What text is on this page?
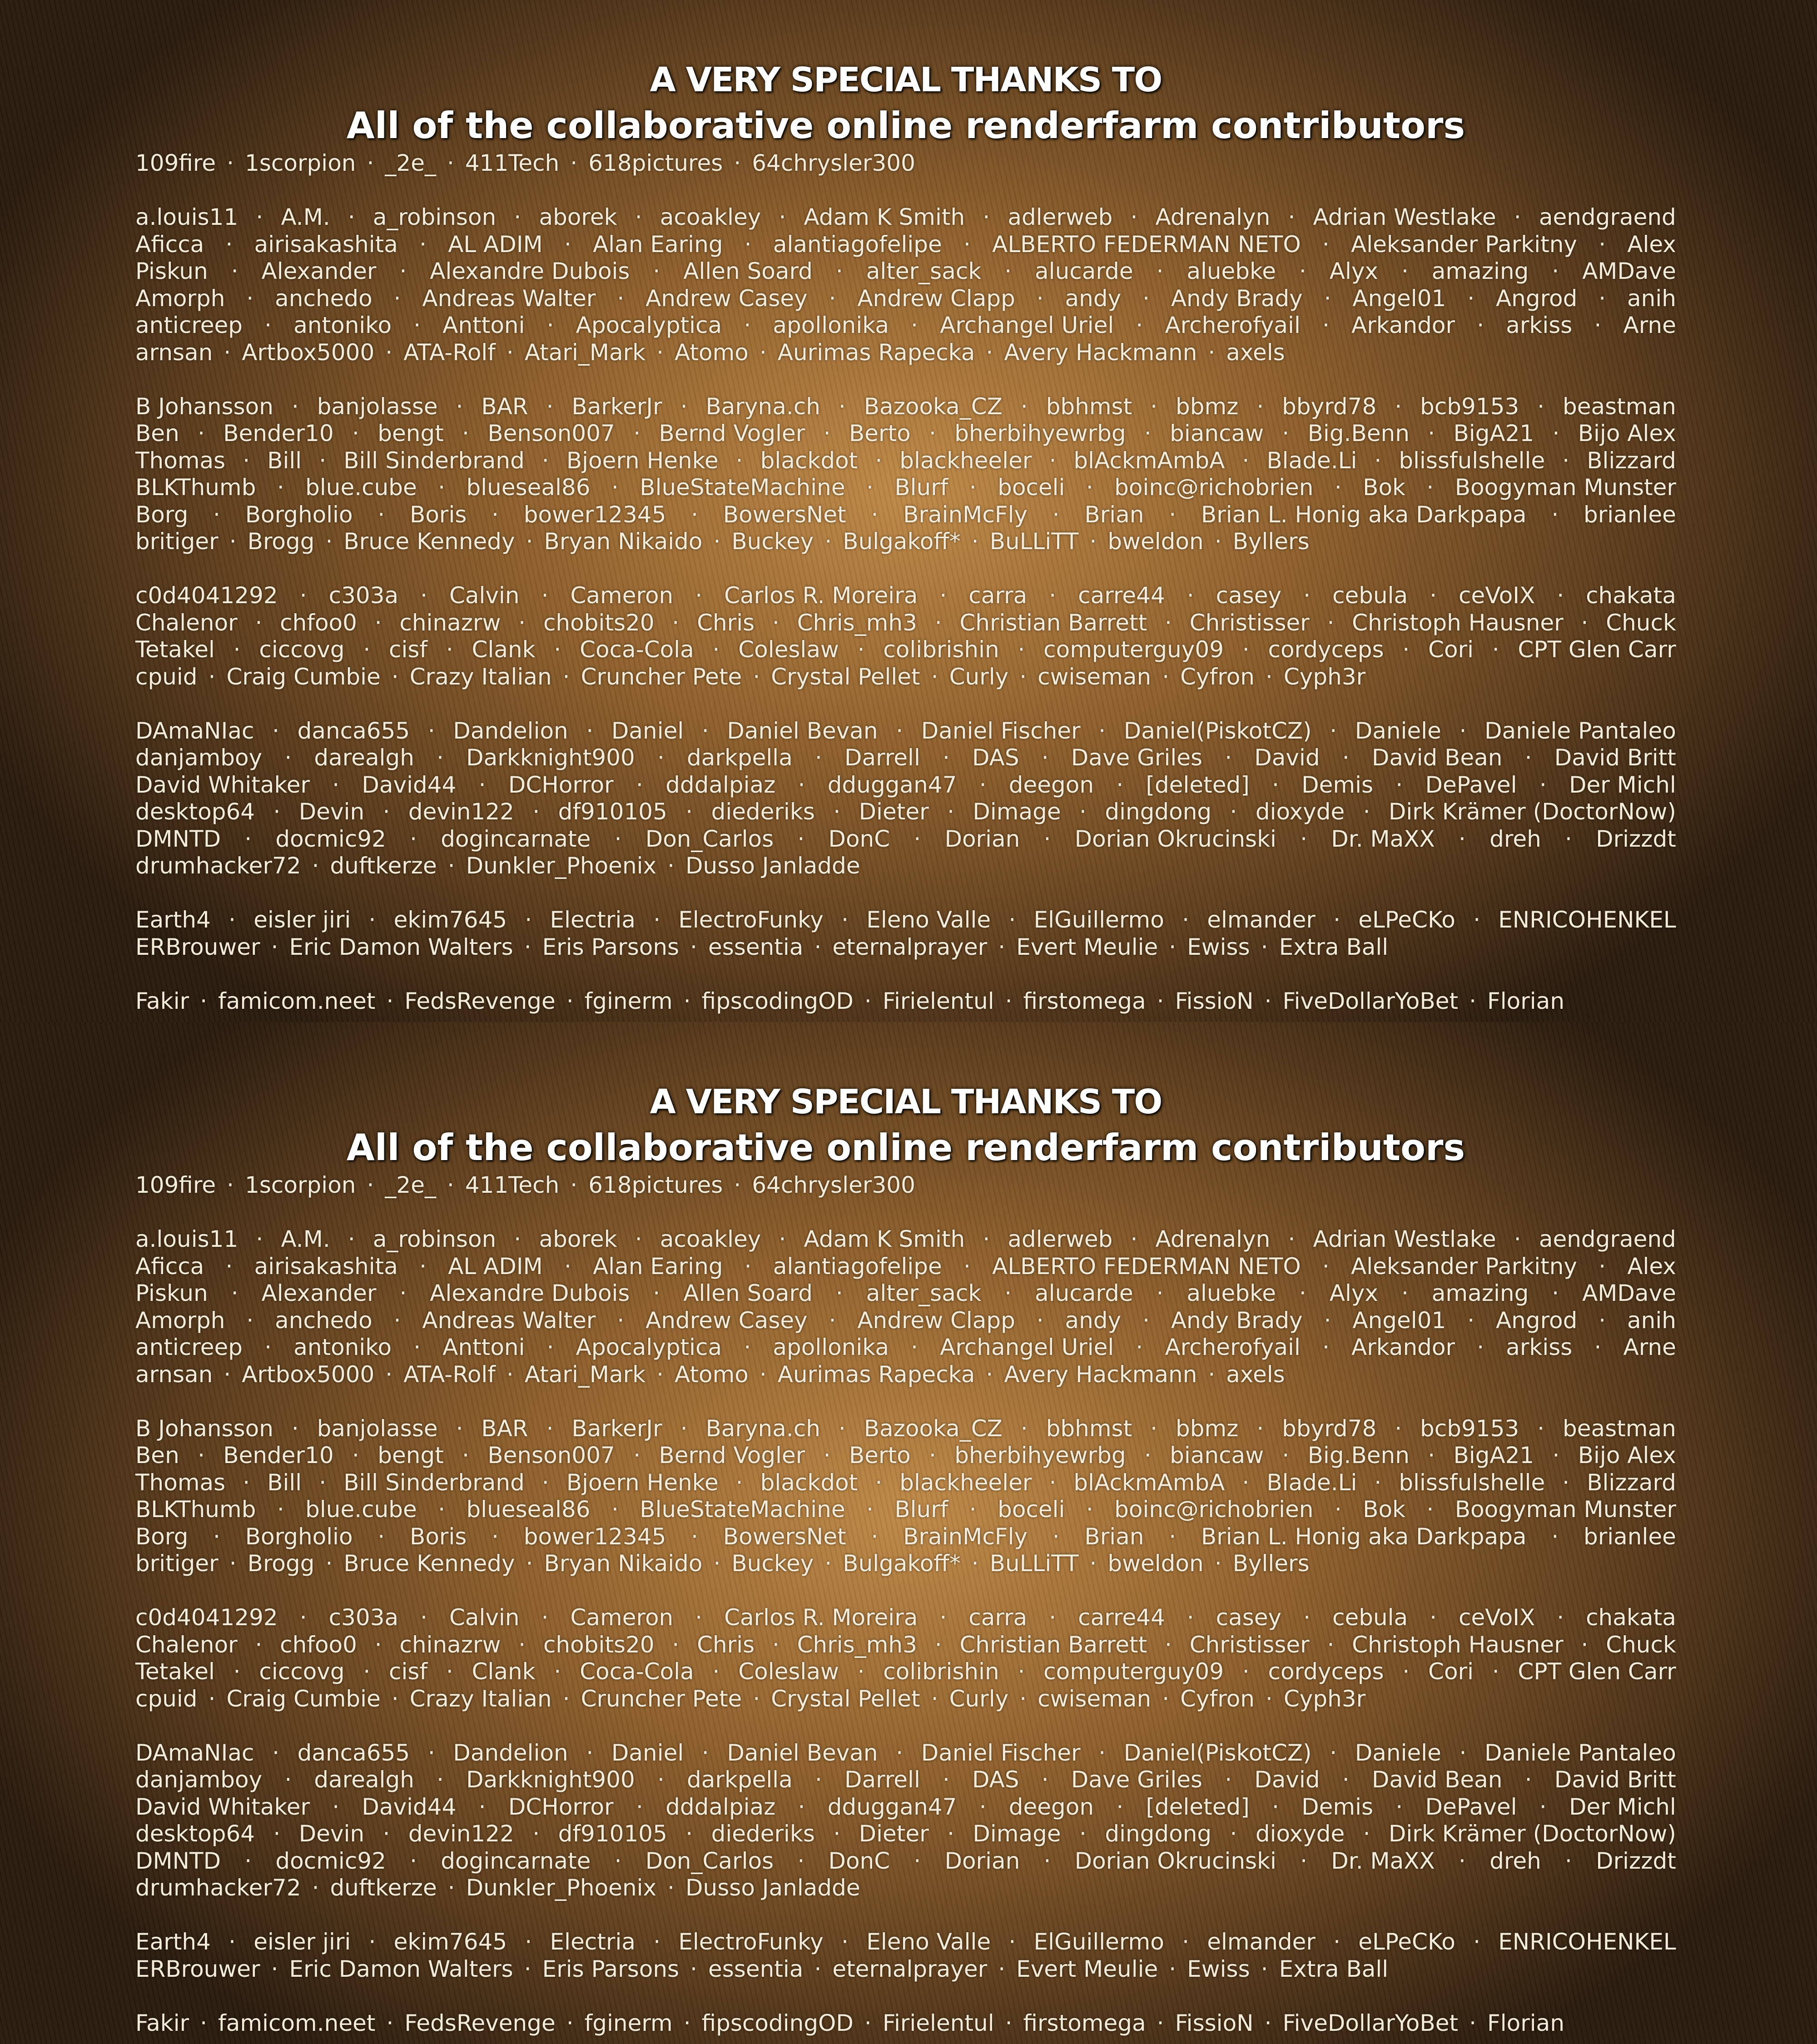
A VERY SPECIAL THANKS TO
All of the collaborative online renderfarm contributors
109fire · 1scorpion · _2e_ · 411Tech · 618pictures · 64chrysler300
a.louis11 · A.M. · a_robinson · aborek · acoakley · Adam K Smith · adlerweb · Adrenalyn · Adrian Westlake · aendgraend
Aficca · airisakashita · AL ADIM · Alan Earing · alantiagofelipe · ALBERTO FEDERMAN NETO · Aleksander Parkitny · Alex
Piskun · Alexander · Alexandre Dubois · Allen Soard · alter_sack · alucarde · aluebke · Alyx · amazing · AMDave
Amorph · anchedo · Andreas Walter · Andrew Casey · Andrew Clapp · andy · Andy Brady · Angel01 · Angrod · anih
anticreep · antoniko · Anttoni · Apocalyptica · apollonika · Archangel Uriel · Archerofyail · Arkandor · arkiss · Arne
arnsan · Artbox5000 · ATA-Rolf · Atari_Mark · Atomo · Aurimas Rapecka · Avery Hackmann · axels
B Johansson · banjolasse · BAR · BarkerJr · Baryna.ch · Bazooka_CZ · bbhmst · bbmz · bbyrd78 · bcb9153 · beastman
Ben · Bender10 · bengt · Benson007 · Bernd Vogler · Berto · bherbihyewrbg · biancaw · Big.Benn · BigA21 · Bijo Alex
Thomas · Bill · Bill Sinderbrand · Bjoern Henke · blackdot · blackheeler · blAckmAmbA · Blade.Li · blissfulshelle · Blizzard
BLKThumb · blue.cube · blueseal86 · BlueStateMachine · Blurf · boceli · boinc@richobrien · Bok · Boogyman Munster
Borg · Borgholio · Boris · bower12345 · BowersNet · BrainMcFly · Brian · Brian L. Honig aka Darkpapa · brianlee
britiger · Brogg · Bruce Kennedy · Bryan Nikaido · Buckey · Bulgakoff* · BuLLiTT · bweldon · Byllers
c0d4041292 · c303a · Calvin · Cameron · Carlos R. Moreira · carra · carre44 · casey · cebula · ceVoIX · chakata
Chalenor · chfoo0 · chinazrw · chobits20 · Chris · Chris_mh3 · Christian Barrett · Christisser · Christoph Hausner · Chuck
Tetakel · ciccovg · cisf · Clank · Coca-Cola · Coleslaw · colibrishin · computerguy09 · cordyceps · Cori · CPT Glen Carr
cpuid · Craig Cumbie · Crazy Italian · Cruncher Pete · Crystal Pellet · Curly · cwiseman · Cyfron · Cyph3r
DAmaNIac · danca655 · Dandelion · Daniel · Daniel Bevan · Daniel Fischer · Daniel(PiskotCZ) · Daniele · Daniele Pantaleo
danjamboy · darealgh · Darkknight900 · darkpella · Darrell · DAS · Dave Griles · David · David Bean · David Britt
David Whitaker · David44 · DCHorror · dddalpiaz · dduggan47 · deegon · [deleted] · Demis · DePavel · Der Michl
desktop64 · Devin · devin122 · df910105 · diederiks · Dieter · Dimage · dingdong · dioxyde · Dirk Krämer (DoctorNow)
DMNTD · docmic92 · dogincarnate · Don_Carlos · DonC · Dorian · Dorian Okrucinski · Dr. MaXX · dreh · Drizzdt
drumhacker72 · duftkerze · Dunkler_Phoenix · Dusso Janladde
Earth4 · eisler jiri · ekim7645 · Electria · ElectroFunky · Eleno Valle · ElGuillermo · elmander · eLPeCKo · ENRICOHENKEL
ERBrouwer · Eric Damon Walters · Eris Parsons · essentia · eternalprayer · Evert Meulie · Ewiss · Extra Ball
Fakir · famicom.neet · FedsRevenge · fginerm · fipscodingOD · Firielentul · firstomega · FissioN · FiveDollarYoBet · Florian
A VERY SPECIAL THANKS TO
All of the collaborative online renderfarm contributors
109fire · 1scorpion · _2e_ · 411Tech · 618pictures · 64chrysler300
a.louis11 · A.M. · a_robinson · aborek · acoakley · Adam K Smith · adlerweb · Adrenalyn · Adrian Westlake · aendgraend
Aficca · airisakashita · AL ADIM · Alan Earing · alantiagofelipe · ALBERTO FEDERMAN NETO · Aleksander Parkitny · Alex
Piskun · Alexander · Alexandre Dubois · Allen Soard · alter_sack · alucarde · aluebke · Alyx · amazing · AMDave
Amorph · anchedo · Andreas Walter · Andrew Casey · Andrew Clapp · andy · Andy Brady · Angel01 · Angrod · anih
anticreep · antoniko · Anttoni · Apocalyptica · apollonika · Archangel Uriel · Archerofyail · Arkandor · arkiss · Arne
arnsan · Artbox5000 · ATA-Rolf · Atari_Mark · Atomo · Aurimas Rapecka · Avery Hackmann · axels
B Johansson · banjolasse · BAR · BarkerJr · Baryna.ch · Bazooka_CZ · bbhmst · bbmz · bbyrd78 · bcb9153 · beastman
Ben · Bender10 · bengt · Benson007 · Bernd Vogler · Berto · bherbihyewrbg · biancaw · Big.Benn · BigA21 · Bijo Alex
Thomas · Bill · Bill Sinderbrand · Bjoern Henke · blackdot · blackheeler · blAckmAmbA · Blade.Li · blissfulshelle · Blizzard
BLKThumb · blue.cube · blueseal86 · BlueStateMachine · Blurf · boceli · boinc@richobrien · Bok · Boogyman Munster
Borg · Borgholio · Boris · bower12345 · BowersNet · BrainMcFly · Brian · Brian L. Honig aka Darkpapa · brianlee
britiger · Brogg · Bruce Kennedy · Bryan Nikaido · Buckey · Bulgakoff* · BuLLiTT · bweldon · Byllers
c0d4041292 · c303a · Calvin · Cameron · Carlos R. Moreira · carra · carre44 · casey · cebula · ceVoIX · chakata
Chalenor · chfoo0 · chinazrw · chobits20 · Chris · Chris_mh3 · Christian Barrett · Christisser · Christoph Hausner · Chuck
Tetakel · ciccovg · cisf · Clank · Coca-Cola · Coleslaw · colibrishin · computerguy09 · cordyceps · Cori · CPT Glen Carr
cpuid · Craig Cumbie · Crazy Italian · Cruncher Pete · Crystal Pellet · Curly · cwiseman · Cyfron · Cyph3r
DAmaNIac · danca655 · Dandelion · Daniel · Daniel Bevan · Daniel Fischer · Daniel(PiskotCZ) · Daniele · Daniele Pantaleo
danjamboy · darealgh · Darkknight900 · darkpella · Darrell · DAS · Dave Griles · David · David Bean · David Britt
David Whitaker · David44 · DCHorror · dddalpiaz · dduggan47 · deegon · [deleted] · Demis · DePavel · Der Michl
desktop64 · Devin · devin122 · df910105 · diederiks · Dieter · Dimage · dingdong · dioxyde · Dirk Krämer (DoctorNow)
DMNTD · docmic92 · dogincarnate · Don_Carlos · DonC · Dorian · Dorian Okrucinski · Dr. MaXX · dreh · Drizzdt
drumhacker72 · duftkerze · Dunkler_Phoenix · Dusso Janladde
Earth4 · eisler jiri · ekim7645 · Electria · ElectroFunky · Eleno Valle · ElGuillermo · elmander · eLPeCKo · ENRICOHENKEL
ERBrouwer · Eric Damon Walters · Eris Parsons · essentia · eternalprayer · Evert Meulie · Ewiss · Extra Ball
Fakir · famicom.neet · FedsRevenge · fginerm · fipscodingOD · Firielentul · firstomega · FissioN · FiveDollarYoBet · Florian
